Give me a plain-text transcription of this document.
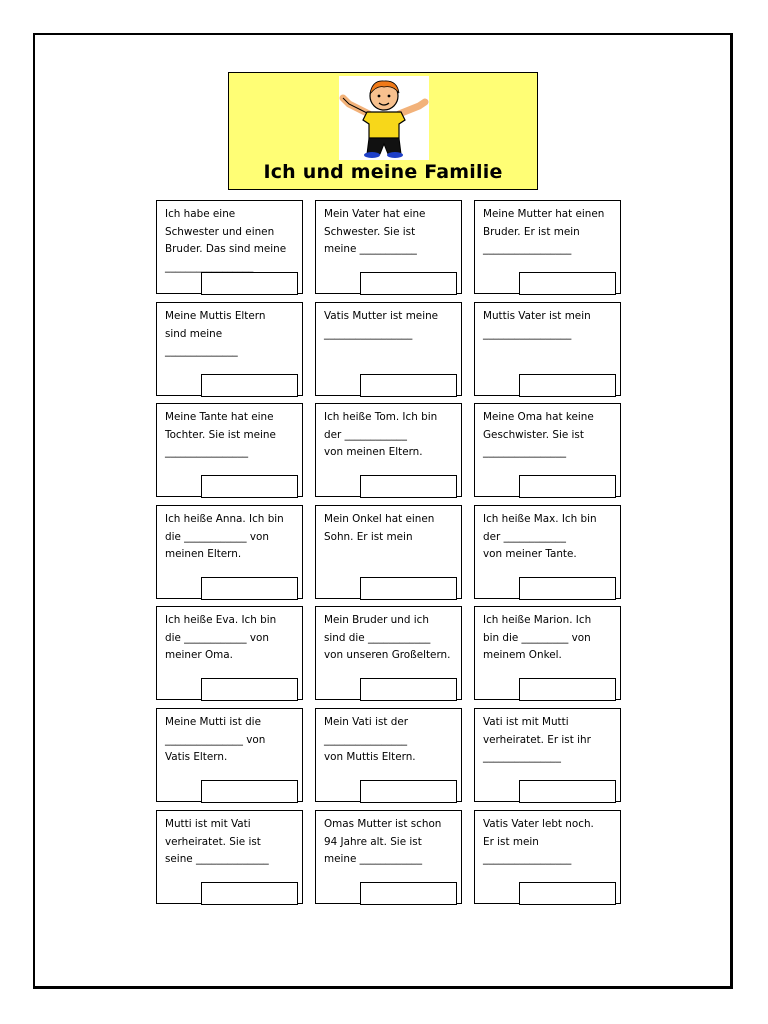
Ich und meine Familie
Ich habe eine
Schwester und einen
Bruder. Das sind meine
_________________
Mein Vater hat eine
Schwester. Sie ist
meine ___________
Meine Mutter hat einen
Bruder. Er ist mein
_________________
Meine Muttis Eltern
sind meine
______________
Vatis Mutter ist meine
_________________
Muttis Vater ist mein
_________________
Meine Tante hat eine
Tochter. Sie ist meine
________________
Ich heiße Tom. Ich bin
der ____________
von meinen Eltern.
Meine Oma hat keine
Geschwister. Sie ist
________________
Ich heiße Anna. Ich bin
die ____________ von
meinen Eltern.
Mein Onkel hat einen
Sohn. Er ist mein

Ich heiße Max. Ich bin
der ____________
von meiner Tante.
Ich heiße Eva. Ich bin
die ____________ von
meiner Oma.
Mein Bruder und ich
sind die ____________
von unseren Großeltern.
Ich heiße Marion. Ich
bin die _________ von
meinem Onkel.
Meine Mutti ist die
_______________ von
Vatis Eltern.
Mein Vati ist der
________________
von Muttis Eltern.
Vati ist mit Mutti
verheiratet. Er ist ihr
_______________
Mutti ist mit Vati
verheiratet. Sie ist
seine ______________
Omas Mutter ist schon
94 Jahre alt. Sie ist
meine ____________
Vatis Vater lebt noch.
Er ist mein
_________________
